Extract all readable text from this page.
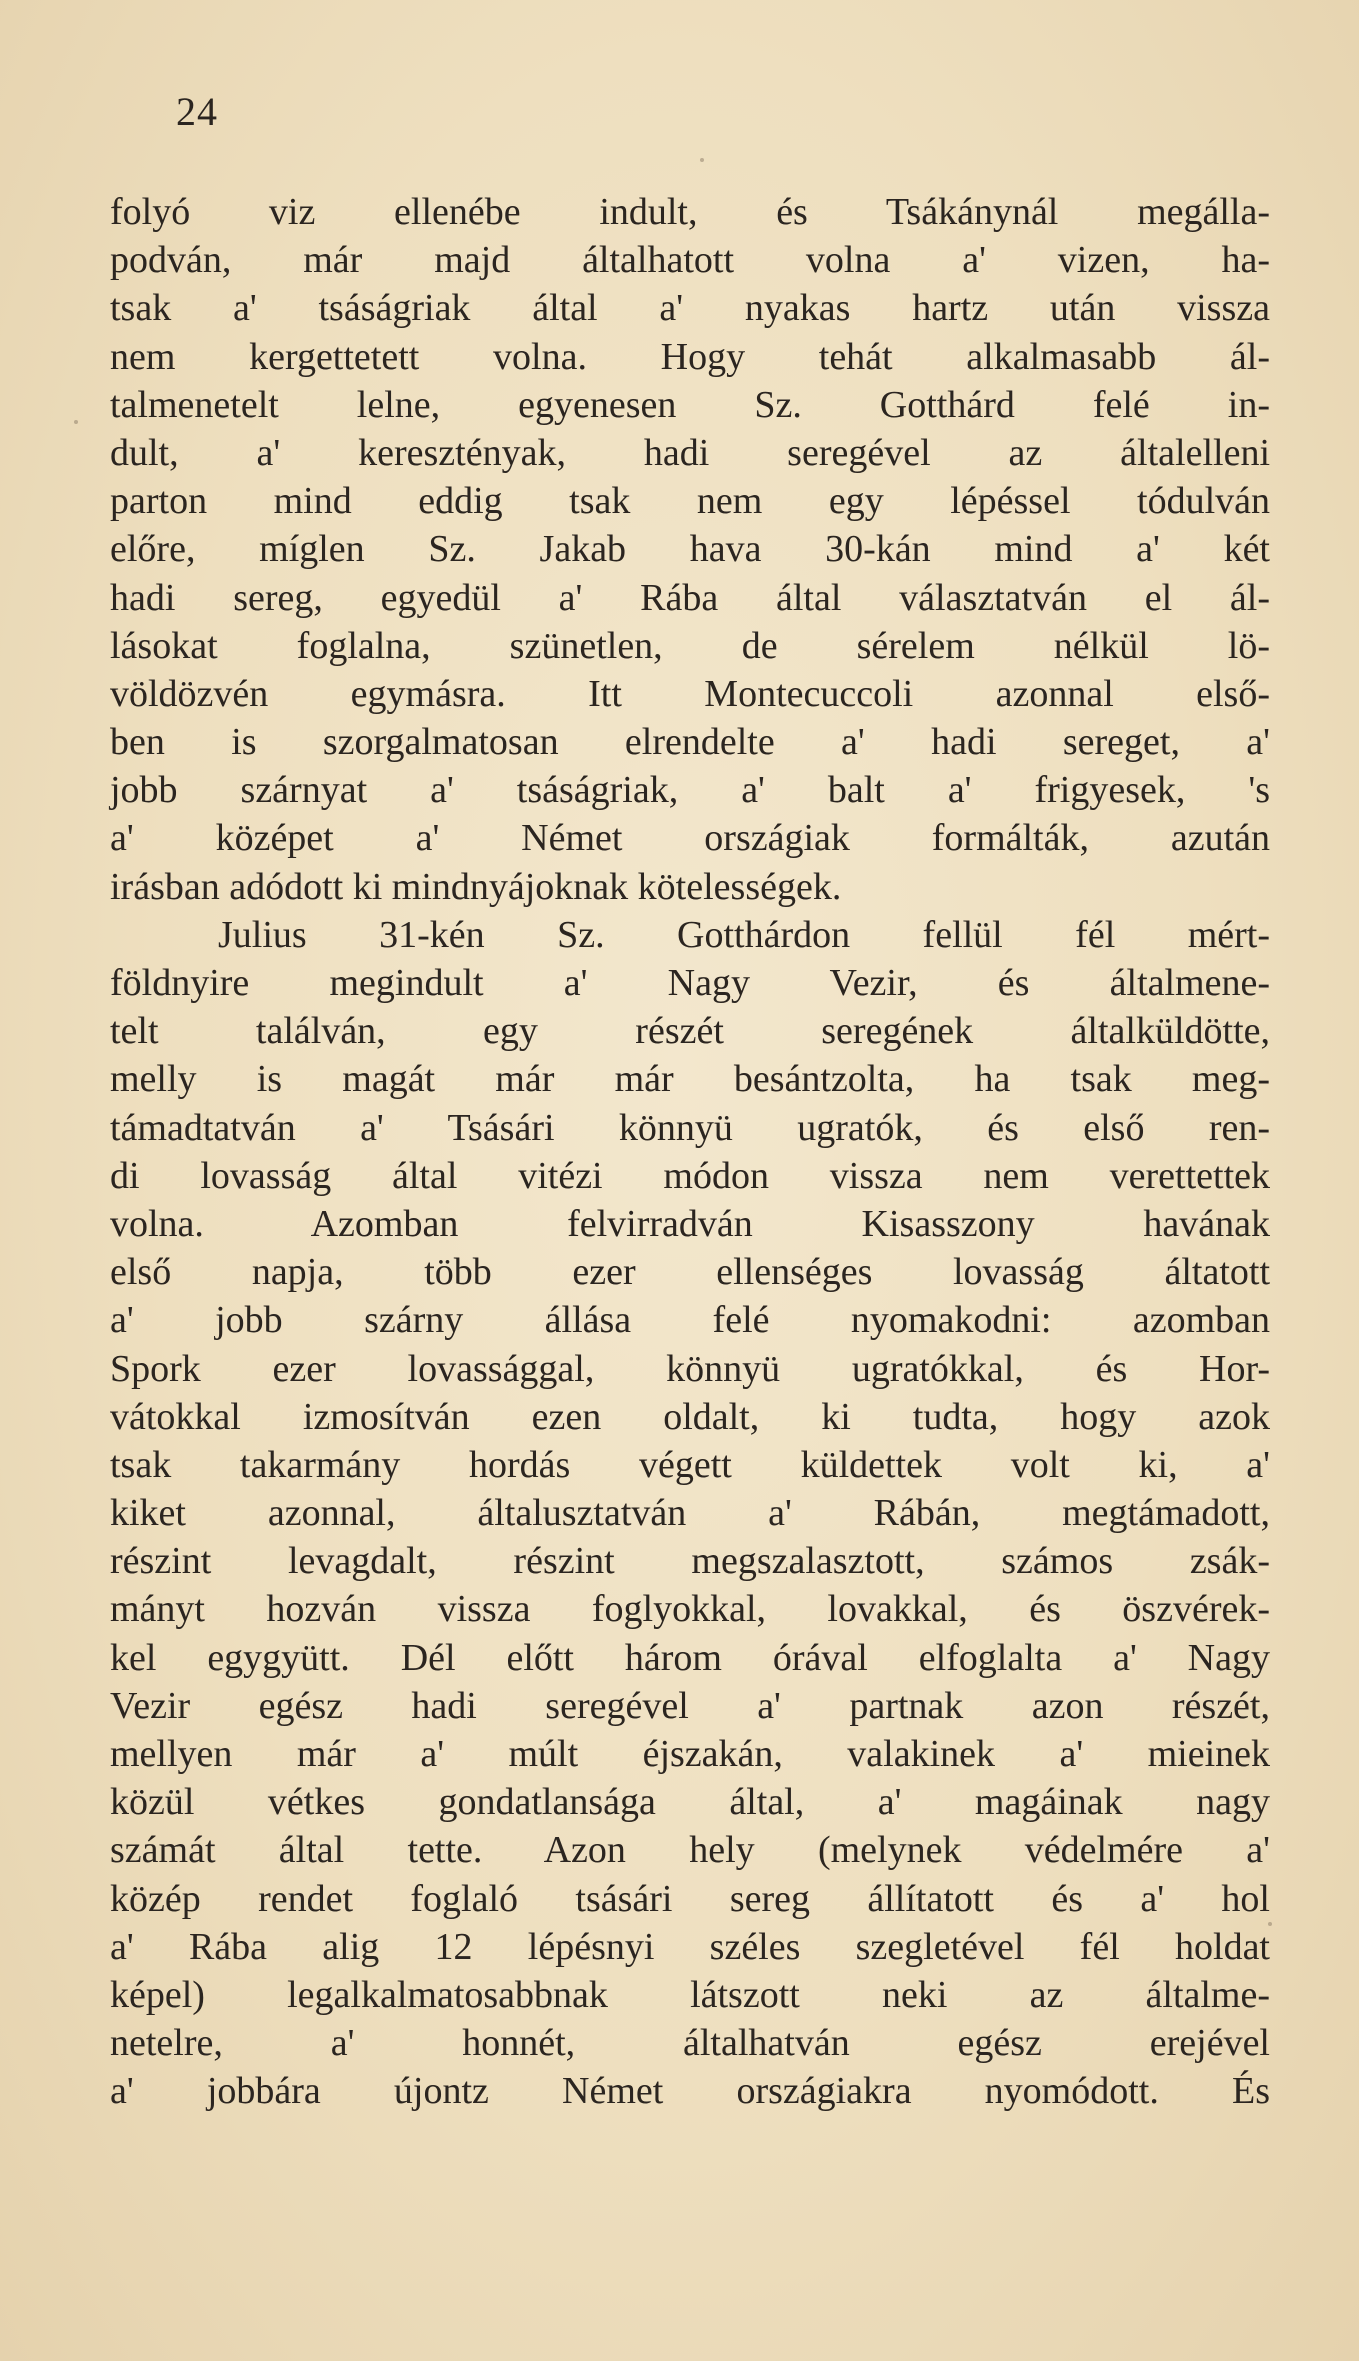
24
folyó viz ellenébe indult, és Tsákánynál megálla-
podván, már majd általhatott volna a' vizen, ha-
tsak a' tsáságriak által a' nyakas hartz után vissza
nem kergettetett volna. Hogy tehát alkalmasabb ál-
talmenetelt lelne, egyenesen Sz. Gotthárd felé in-
dult, a' keresztényak, hadi seregével az általelleni
parton mind eddig tsak nem egy lépéssel tódulván
előre, míglen Sz. Jakab hava 30-kán mind a' két
hadi sereg, egyedül a' Rába által választatván el ál-
lásokat foglalna, szünetlen, de sérelem nélkül lö-
völdözvén egymásra. Itt Montecuccoli azonnal első-
ben is szorgalmatosan elrendelte a' hadi sereget, a'
jobb szárnyat a' tsáságriak, a' balt a' frigyesek, 's
a' középet a' Német országiak formálták, azután
irásban adódott ki mindnyájoknak kötelességek.
Julius 31-kén Sz. Gotthárdon fellül fél mért-
földnyire megindult a' Nagy Vezir, és általmene-
telt találván, egy részét seregének általküldötte,
melly is magát már már besántzolta, ha tsak meg-
támadtatván a' Tsásári könnyü ugratók, és első ren-
di lovasság által vitézi módon vissza nem verettettek
volna. Azomban felvirradván Kisasszony havának
első napja, több ezer ellenséges lovasság áltatott
a' jobb szárny állása felé nyomakodni: azomban
Spork ezer lovassággal, könnyü ugratókkal, és Hor-
vátokkal izmosítván ezen oldalt, ki tudta, hogy azok
tsak takarmány hordás végett küldettek volt ki, a'
kiket azonnal, általusztatván a' Rábán, megtámadott,
részint levagdalt, részint megszalasztott, számos zsák-
mányt hozván vissza foglyokkal, lovakkal, és öszvérek-
kel egygyütt. Dél előtt három órával elfoglalta a' Nagy
Vezir egész hadi seregével a' partnak azon részét,
mellyen már a' múlt éjszakán, valakinek a' mieinek
közül vétkes gondatlansága által, a' magáinak nagy
számát által tette. Azon hely (melynek védelmére a'
közép rendet foglaló tsásári sereg állítatott és a' hol
a' Rába alig 12 lépésnyi széles szegletével fél holdat
képel) legalkalmatosabbnak látszott neki az általme-
netelre, a' honnét, általhatván egész erejével
a' jobbára újontz Német országiakra nyomódott. És
